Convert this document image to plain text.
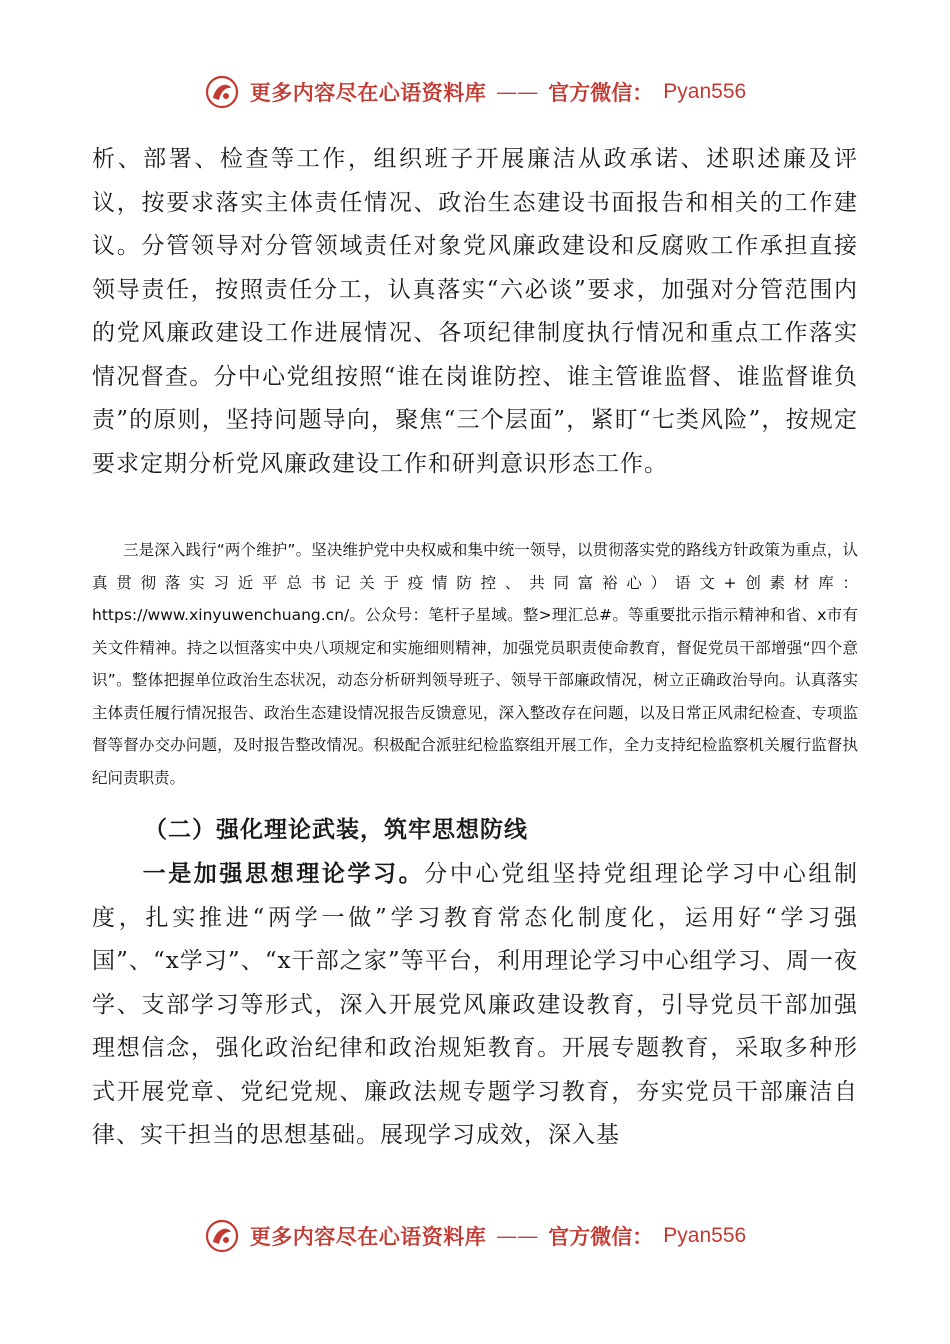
更多内容尽在心语资料库 —— 官方微信： Pyan556

析、部署、检查等工作，组织班子开展廉洁从政承诺、述职述廉及评议，按要求落实主体责任情况、政治生态建设书面报告和相关的工作建议。分管领导对分管领域责任对象党风廉政建设和反腐败工作承担直接领导责任，按照责任分工，认真落实“六必谈”要求，加强对分管范围内的党风廉政建设工作进展情况、各项纪律制度执行情况和重点工作落实情况督查。分中心党组按照“谁在岗谁防控、谁主管谁监督、谁监督谁负责”的原则，坚持问题导向，聚焦“三个层面”，紧盯“七类风险”，按规定要求定期分析党风廉政建设工作和研判意识形态工作。

三是深入践行“两个维护”。坚决维护党中央权威和集中统一领导，以贯彻落实党的路线方针政策为重点，认真贯彻落实习近平总书记关于疫情防控、共同富裕心）语文+创素材库：https://www.xinyuwenchuang.cn/。公众号：笔杆子星域。整>理汇总#。等重要批示指示精神和省、x市有关文件精神。持之以恒落实中央八项规定和实施细则精神，加强党员职责使命教育，督促党员干部增强“四个意识”。整体把握单位政治生态状况，动态分析研判领导班子、领导干部廉政情况，树立正确政治导向。认真落实主体责任履行情况报告、政治生态建设情况报告反馈意见，深入整改存在问题，以及日常正风肃纪检查、专项监督等督办交办问题，及时报告整改情况。积极配合派驻纪检监察组开展工作，全力支持纪检监察机关履行监督执纪问责职责。

（二）强化理论武装，筑牢思想防线

一是加强思想理论学习。分中心党组坚持党组理论学习中心组制度，扎实推进“两学一做”学习教育常态化制度化，运用好“学习强国”、“x学习”、“x干部之家”等平台，利用理论学习中心组学习、周一夜学、支部学习等形式，深入开展党风廉政建设教育，引导党员干部加强理想信念，强化政治纪律和政治规矩教育。开展专题教育，采取多种形式开展党章、党纪党规、廉政法规专题学习教育，夯实党员干部廉洁自律、实干担当的思想基础。展现学习成效，深入基

更多内容尽在心语资料库 —— 官方微信： Pyan556
